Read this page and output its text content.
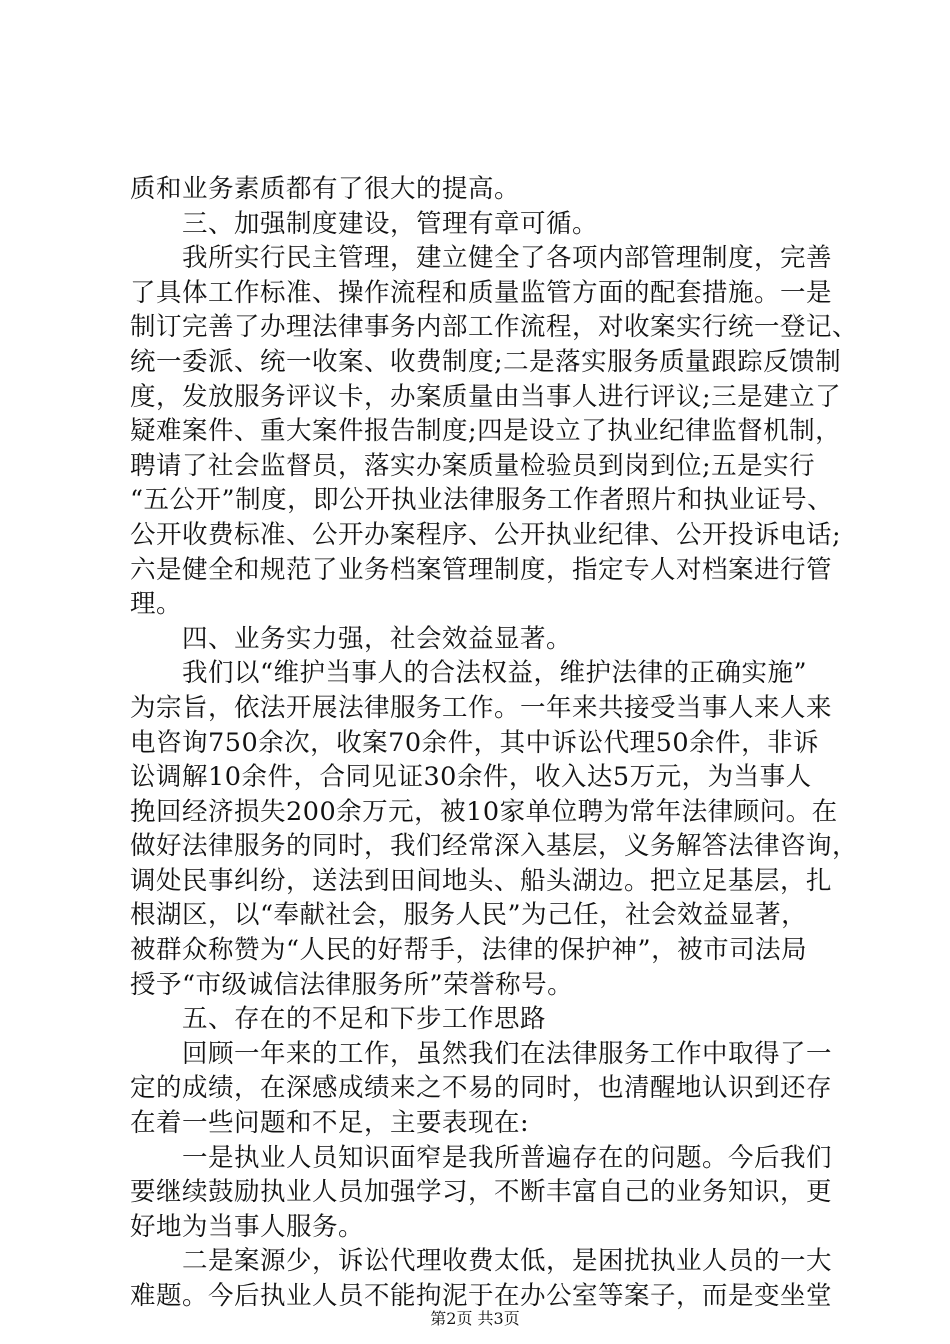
质和业务素质都有了很大的提高。
三、加强制度建设，管理有章可循。
我所实行民主管理，建立健全了各项内部管理制度，完善
了具体工作标准、操作流程和质量监管方面的配套措施。一是
制订完善了办理法律事务内部工作流程，对收案实行统一登记、
统一委派、统一收案、收费制度;二是落实服务质量跟踪反馈制
度，发放服务评议卡，办案质量由当事人进行评议;三是建立了
疑难案件、重大案件报告制度;四是设立了执业纪律监督机制，
聘请了社会监督员，落实办案质量检验员到岗到位;五是实行
“五公开”制度，即公开执业法律服务工作者照片和执业证号、
公开收费标准、公开办案程序、公开执业纪律、公开投诉电话;
六是健全和规范了业务档案管理制度，指定专人对档案进行管
理。
四、业务实力强，社会效益显著。
我们以“维护当事人的合法权益，维护法律的正确实施”
为宗旨，依法开展法律服务工作。一年来共接受当事人来人来
电咨询750余次，收案70余件，其中诉讼代理50余件，非诉
讼调解10余件，合同见证30余件，收入达5万元，为当事人
挽回经济损失200余万元，被10家单位聘为常年法律顾问。在
做好法律服务的同时，我们经常深入基层，义务解答法律咨询，
调处民事纠纷，送法到田间地头、船头湖边。把立足基层，扎
根湖区，以“奉献社会，服务人民”为己任，社会效益显著，
被群众称赞为“人民的好帮手，法律的保护神”，被市司法局
授予“市级诚信法律服务所”荣誉称号。
五、存在的不足和下步工作思路
回顾一年来的工作，虽然我们在法律服务工作中取得了一
定的成绩，在深感成绩来之不易的同时，也清醒地认识到还存
在着一些问题和不足，主要表现在:
一是执业人员知识面窄是我所普遍存在的问题。今后我们
要继续鼓励执业人员加强学习，不断丰富自己的业务知识，更
好地为当事人服务。
二是案源少，诉讼代理收费太低，是困扰执业人员的一大
难题。今后执业人员不能拘泥于在办公室等案子，而是变坐堂
第2页 共3页
